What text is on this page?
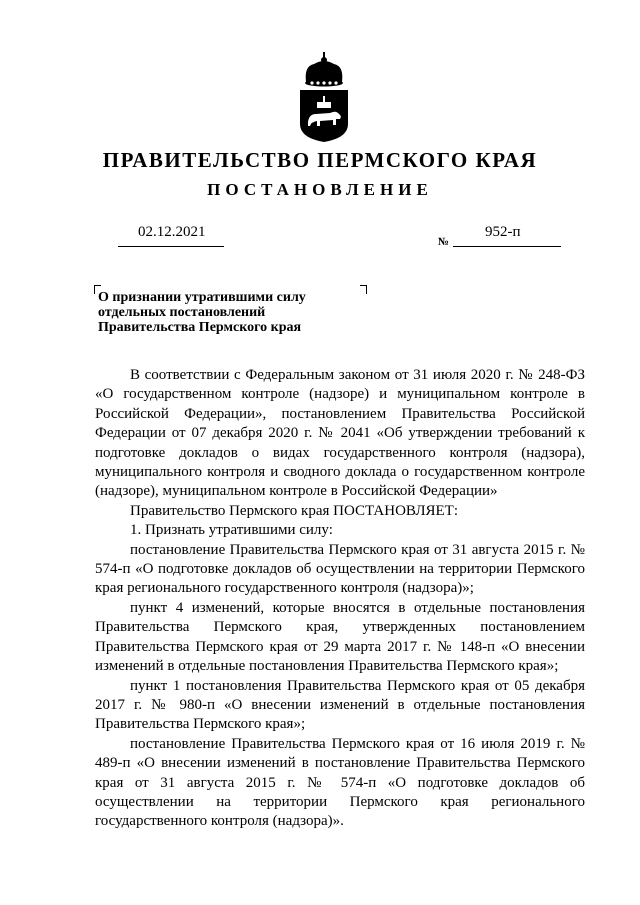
ПРАВИТЕЛЬСТВО ПЕРМСКОГО КРАЯ
ПОСТАНОВЛЕНИЕ
02.12.2021
№
952-п
О признании утратившими силу
отдельных постановлений
Правительства Пермского края

В соответствии с Федеральным законом от 31 июля 2020 г. № 248-ФЗ «О государственном контроле (надзоре) и муниципальном контроле в Российской Федерации», постановлением Правительства Российской Федерации от 07 декабря 2020 г. № 2041 «Об утверждении требований к подготовке докладов о видах государственного контроля (надзора), муниципального контроля и сводного доклада о государственном контроле (надзоре), муниципальном контроле в Российской Федерации»

Правительство Пермского края ПОСТАНОВЛЯЕТ:

1. Признать утратившими силу:

постановление Правительства Пермского края от 31 августа 2015 г. № 574-п «О подготовке докладов об осуществлении на территории Пермского края регионального государственного контроля (надзора)»;

пункт 4 изменений, которые вносятся в отдельные постановления Правительства Пермского края, утвержденных постановлением Правительства Пермского края от 29 марта 2017 г. № 148-п «О внесении изменений в отдельные постановления Правительства Пермского края»;

пункт 1 постановления Правительства Пермского края от 05 декабря 2017 г. № 980-п «О внесении изменений в отдельные постановления Правительства Пермского края»;

постановление Правительства Пермского края от 16 июля 2019 г. № 489-п «О внесении изменений в постановление Правительства Пермского края от 31 августа 2015 г. № 574-п «О подготовке докладов об осуществлении на территории Пермского края регионального государственного контроля (надзора)».
